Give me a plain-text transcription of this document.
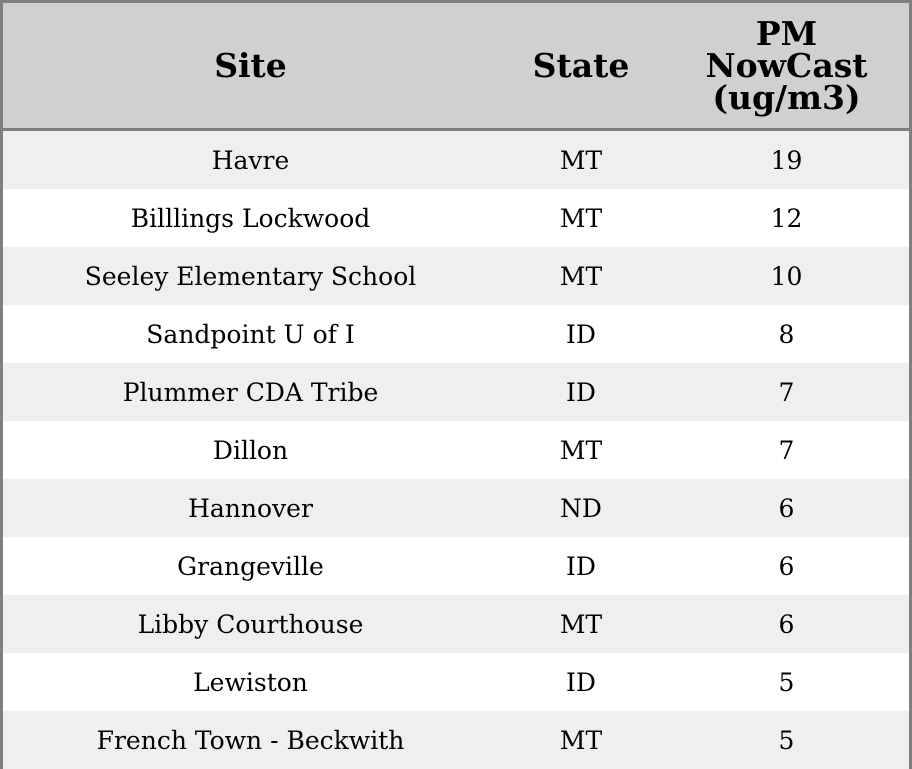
Site	State	PM
NowCast
(ug/m3)

Havre	MT	19
Billlings Lockwood	MT	12
Seeley Elementary School	MT	10
Sandpoint U of I	ID	8
Plummer CDA Tribe	ID	7
Dillon	MT	7
Hannover	ND	6
Grangeville	ID	6
Libby Courthouse	MT	6
Lewiston	ID	5
French Town - Beckwith	MT	5
